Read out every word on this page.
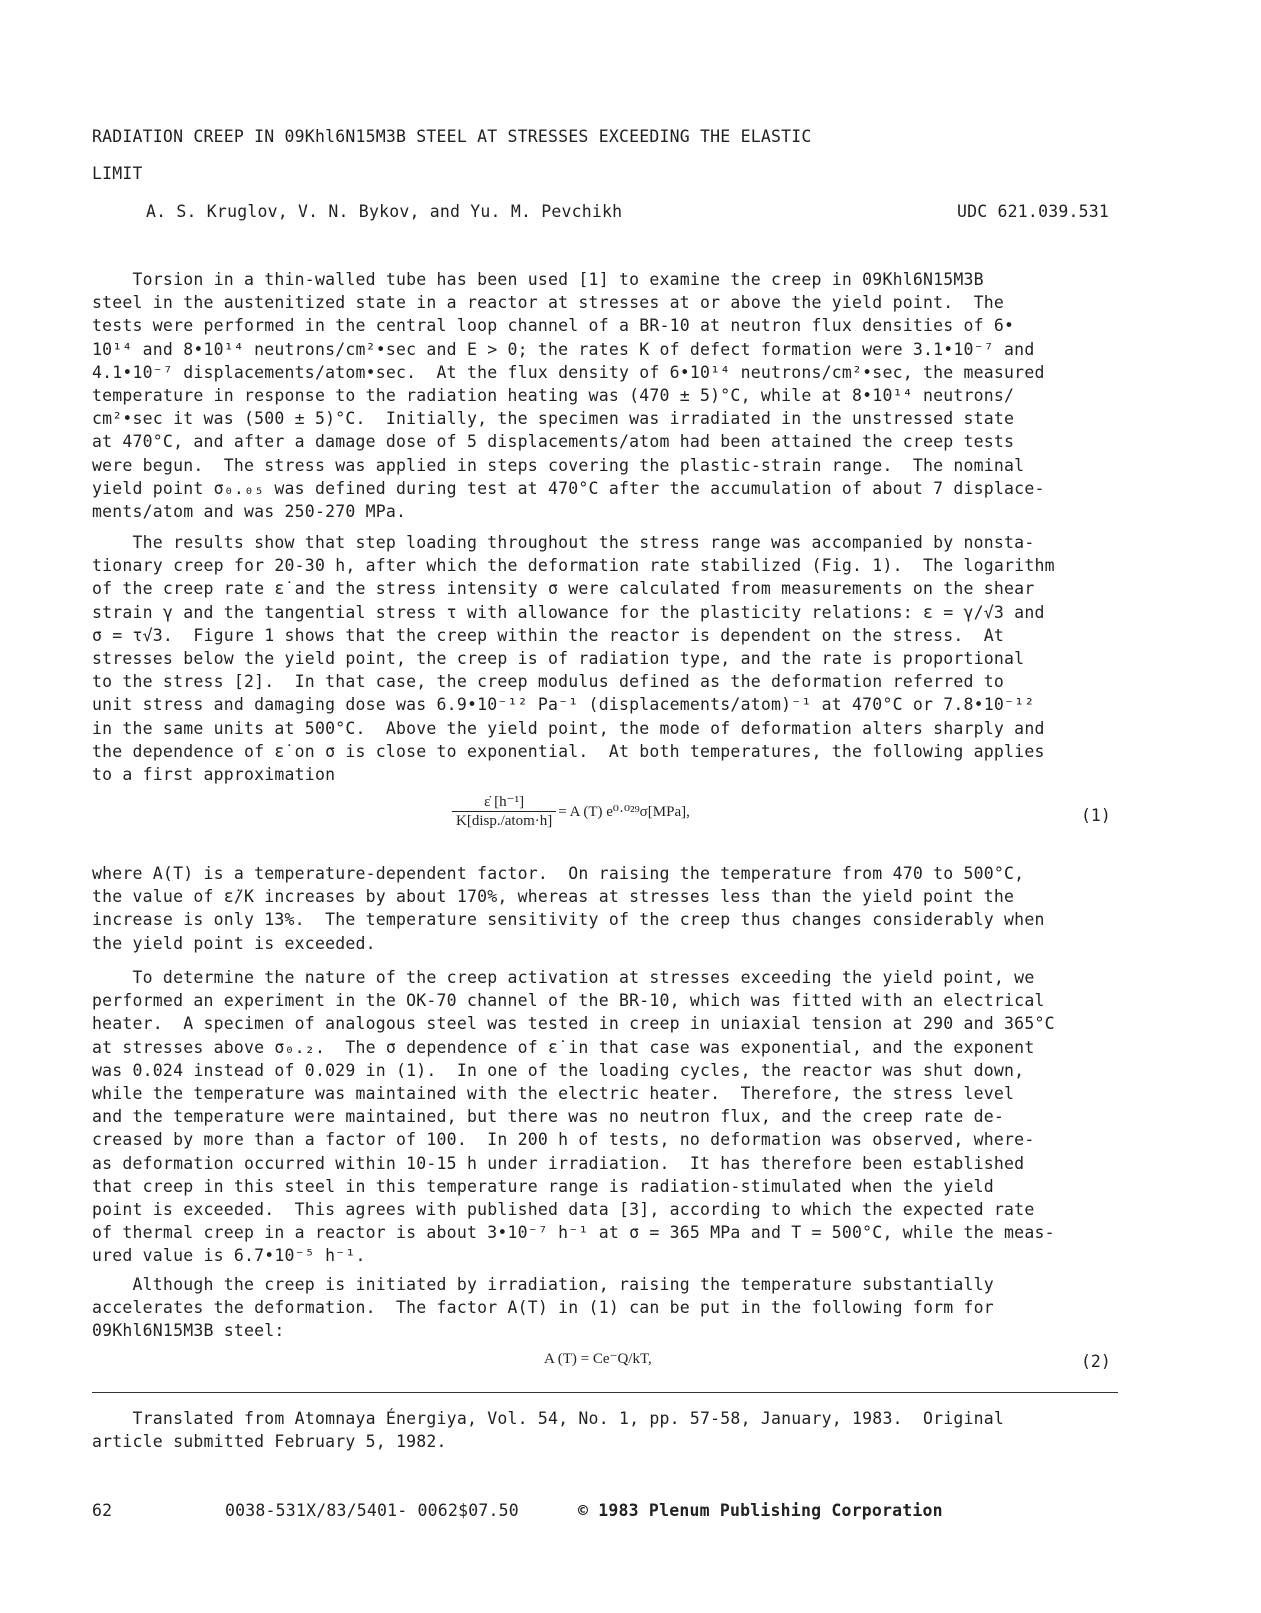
RADIATION CREEP IN 09Khl6N15M3B STEEL AT STRESSES EXCEEDING THE ELASTIC
LIMIT
A. S. Kruglov, V. N. Bykov, and Yu. M. Pevchikh	UDC 621.039.531
Torsion in a thin-walled tube has been used [1] to examine the creep in 09Khl6N15M3B
steel in the austenitized state in a reactor at stresses at or above the yield point.  The
tests were performed in the central loop channel of a BR-10 at neutron flux densities of 6•
10¹⁴ and 8•10¹⁴ neutrons/cm²•sec and E > 0; the rates K of defect formation were 3.1•10⁻⁷ and
4.1•10⁻⁷ displacements/atom•sec.  At the flux density of 6•10¹⁴ neutrons/cm²•sec, the measured
temperature in response to the radiation heating was (470 ± 5)°C, while at 8•10¹⁴ neutrons/
cm²•sec it was (500 ± 5)°C.  Initially, the specimen was irradiated in the unstressed state
at 470°C, and after a damage dose of 5 displacements/atom had been attained the creep tests
were begun.  The stress was applied in steps covering the plastic-strain range.  The nominal
yield point σ₀.₀₅ was defined during test at 470°C after the accumulation of about 7 displace-
ments/atom and was 250-270 MPa.
The results show that step loading throughout the stress range was accompanied by nonsta-
tionary creep for 20-30 h, after which the deformation rate stabilized (Fig. 1).  The logarithm
of the creep rate ε̇ and the stress intensity σ were calculated from measurements on the shear
strain γ and the tangential stress τ with allowance for the plasticity relations: ε = γ/√3 and
σ = τ√3.  Figure 1 shows that the creep within the reactor is dependent on the stress.  At
stresses below the yield point, the creep is of radiation type, and the rate is proportional
to the stress [2].  In that case, the creep modulus defined as the deformation referred to
unit stress and damaging dose was 6.9•10⁻¹² Pa⁻¹ (displacements/atom)⁻¹ at 470°C or 7.8•10⁻¹²
in the same units at 500°C.  Above the yield point, the mode of deformation alters sharply and
the dependence of ε̇ on σ is close to exponential.  At both temperatures, the following applies
to a first approximation
$\frac{\text{ε̇ [h⁻¹]}}{\text{K[disp./atom·h]}} = A$ (T) e⁰·⁰²⁹σ[MPa],	(1)
where A(T) is a temperature-dependent factor.  On raising the temperature from 470 to 500°C,
the value of ε̇/K increases by about 170%, whereas at stresses less than the yield point the
increase is only 13%.  The temperature sensitivity of the creep thus changes considerably when
the yield point is exceeded.
To determine the nature of the creep activation at stresses exceeding the yield point, we
performed an experiment in the OK-70 channel of the BR-10, which was fitted with an electrical
heater.  A specimen of analogous steel was tested in creep in uniaxial tension at 290 and 365°C
at stresses above σ₀.₂.  The σ dependence of ε̇ in that case was exponential, and the exponent
was 0.024 instead of 0.029 in (1).  In one of the loading cycles, the reactor was shut down,
while the temperature was maintained with the electric heater.  Therefore, the stress level
and the temperature were maintained, but there was no neutron flux, and the creep rate de-
creased by more than a factor of 100.  In 200 h of tests, no deformation was observed, where-
as deformation occurred within 10-15 h under irradiation.  It has therefore been established
that creep in this steel in this temperature range is radiation-stimulated when the yield
point is exceeded.  This agrees with published data [3], according to which the expected rate
of thermal creep in a reactor is about 3•10⁻⁷ h⁻¹ at σ = 365 MPa and T = 500°C, while the meas-
ured value is 6.7•10⁻⁵ h⁻¹.
Although the creep is initiated by irradiation, raising the temperature substantially
accelerates the deformation.  The factor A(T) in (1) can be put in the following form for
09Khl6N15M3B steel:
A (T) = Ce⁻Q/kT,	(2)
Translated from Atomnaya Énergiya, Vol. 54, No. 1, pp. 57-58, January, 1983.  Original
article submitted February 5, 1982.
62	0038-531X/83/5401- 0062$07.50	© 1983 Plenum Publishing Corporation
